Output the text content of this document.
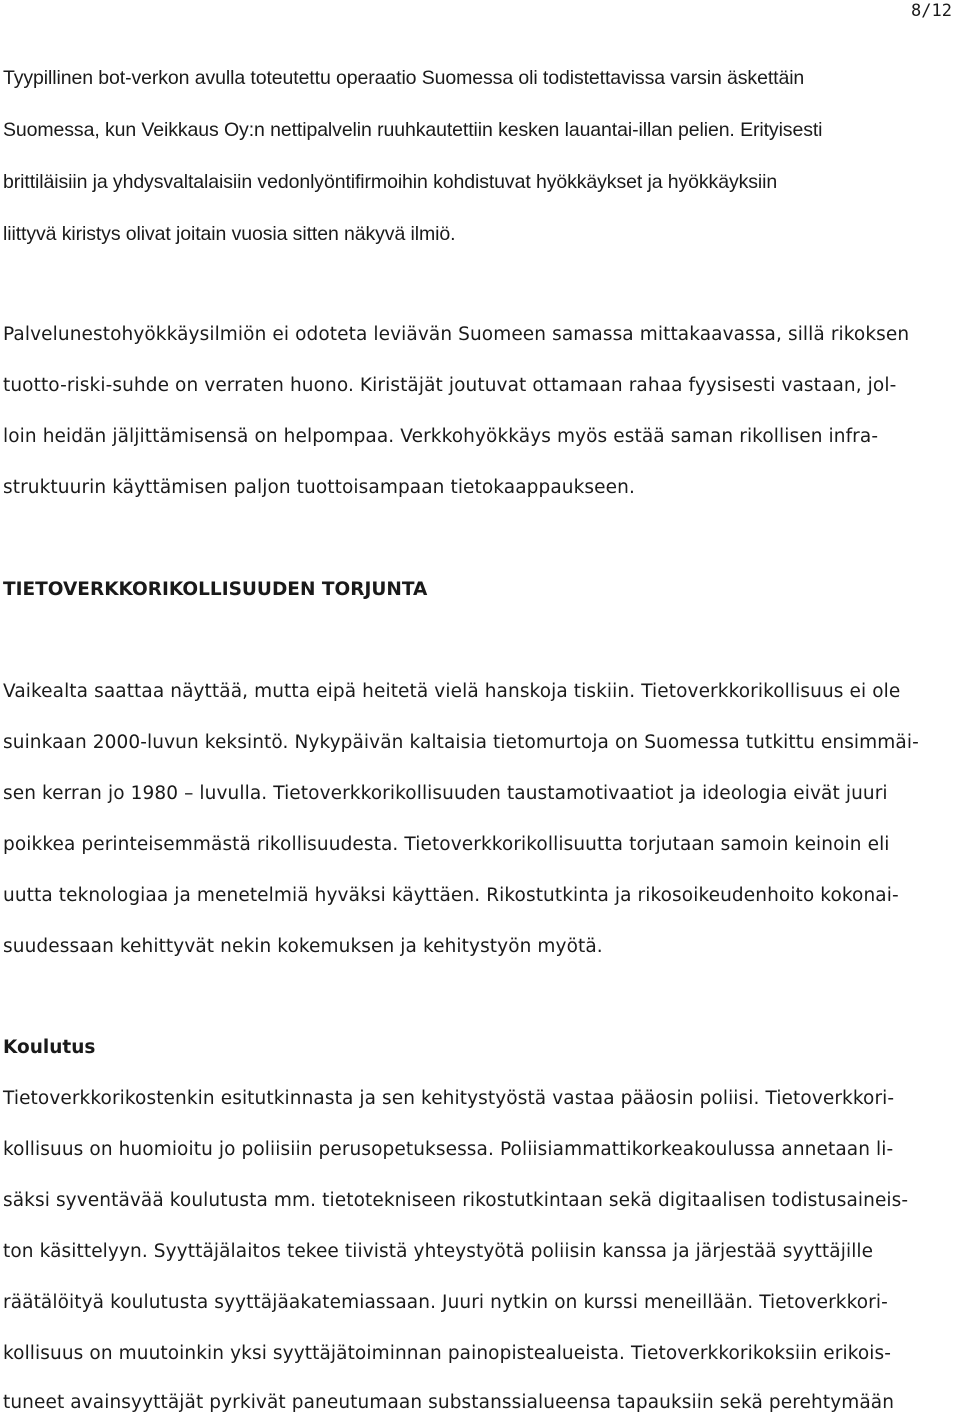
8/12
Tyypillinen bot-verkon avulla toteutettu operaatio Suomessa oli todistettavissa varsin äskettäin
Suomessa, kun Veikkaus Oy:n nettipalvelin ruuhkautettiin kesken lauantai-illan pelien. Erityisesti
brittiläisiin ja yhdysvaltalaisiin vedonlyöntifirmoihin kohdistuvat hyökkäykset ja hyökkäyksiin
liittyvä kiristys olivat joitain vuosia sitten näkyvä ilmiö.
Palvelunestohyökkäysilmiön ei odoteta leviävän Suomeen samassa mittakaavassa, sillä rikoksen
tuotto-riski-suhde on verraten huono. Kiristäjät joutuvat ottamaan rahaa fyysisesti vastaan, jol-
loin heidän jäljittämisensä on helpompaa. Verkkohyökkäys myös estää saman rikollisen infra-
struktuurin käyttämisen paljon tuottoisampaan tietokaappaukseen.
TIETOVERKKORIKOLLISUUDEN TORJUNTA
Vaikealta saattaa näyttää, mutta eipä heitetä vielä hanskoja tiskiin. Tietoverkkorikollisuus ei ole
suinkaan 2000-luvun keksintö. Nykypäivän kaltaisia tietomurtoja on Suomessa tutkittu ensimmäi-
sen kerran jo 1980 – luvulla. Tietoverkkorikollisuuden taustamotivaatiot ja ideologia eivät juuri
poikkea perinteisemmästä rikollisuudesta. Tietoverkkorikollisuutta torjutaan samoin keinoin eli
uutta teknologiaa ja menetelmiä hyväksi käyttäen. Rikostutkinta ja rikosoikeudenhoito kokonai-
suudessaan kehittyvät nekin kokemuksen ja kehitystyön myötä.
Koulutus
Tietoverkkorikostenkin esitutkinnasta ja sen kehitystyöstä vastaa pääosin poliisi. Tietoverkkori-
kollisuus on huomioitu jo poliisiin perusopetuksessa. Poliisiammattikorkeakoulussa annetaan li-
säksi syventävää koulutusta mm. tietotekniseen rikostutkintaan sekä digitaalisen todistusaineis-
ton käsittelyyn. Syyttäjälaitos tekee tiivistä yhteystyötä poliisin kanssa ja järjestää syyttäjille
räätälöityä koulutusta syyttäjäakatemiassaan. Juuri nytkin on kurssi meneillään. Tietoverkkori-
kollisuus on muutoinkin yksi syyttäjätoiminnan painopistealueista. Tietoverkkorikoksiin erikois-
tuneet avainsyyttäjät pyrkivät paneutumaan substanssialueensa tapauksiin sekä perehtymään
